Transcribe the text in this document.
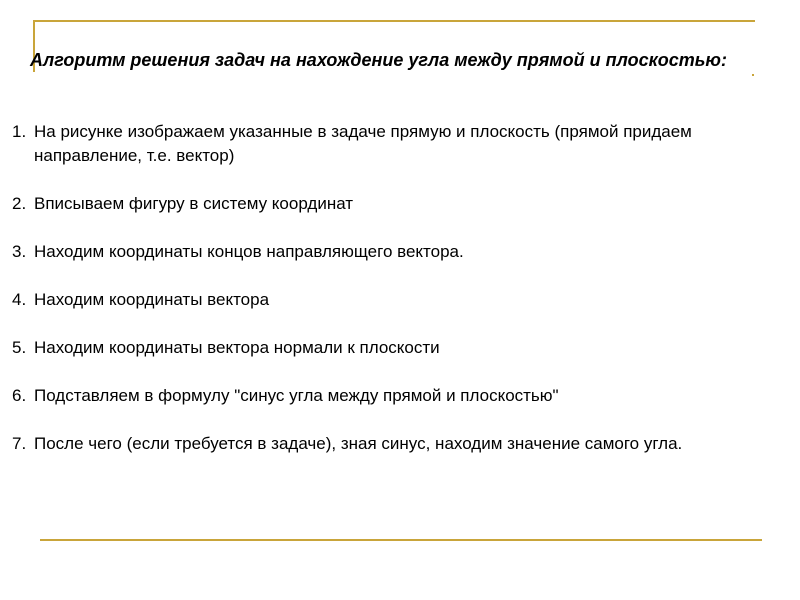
Алгоритм решения задач на нахождение угла между прямой и плоскостью:
1. На рисунке изображаем указанные в задаче прямую и плоскость (прямой придаем направление, т.е. вектор)
2. Вписываем фигуру в систему координат
3. Находим координаты концов направляющего вектора.
4. Находим координаты вектора
5. Находим координаты вектора нормали к плоскости
6. Подставляем в формулу "синус угла между прямой и плоскостью"
7. После чего (если требуется в задаче), зная синус, находим значение самого угла.
